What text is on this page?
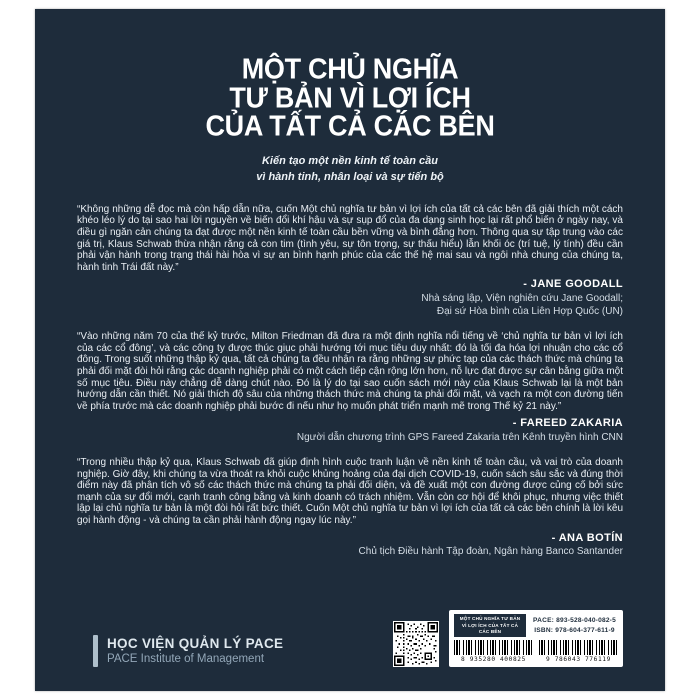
MỘT CHỦ NGHĨA
TƯ BẢN VÌ LỢI ÍCH
CỦA TẤT CẢ CÁC BÊN
Kiến tạo một nền kinh tế toàn cầu
vì hành tinh, nhân loại và sự tiến bộ

“Không những dễ đọc mà còn hấp dẫn nữa, cuốn Một chủ nghĩa tư bản vì lợi ích của tất cả các bên đã giải thích một cách khéo léo lý do tại sao hai lời nguyền về biến đổi khí hậu và sự sụp đổ của đa dạng sinh học lại rất phổ biến ở ngày nay, và điều gì ngăn cản chúng ta đạt được một nền kinh tế toàn cầu bền vững và bình đẳng hơn. Thông qua sự tập trung vào các giá trị, Klaus Schwab thừa nhận rằng cả con tim (tình yêu, sự tôn trọng, sự thấu hiểu) lẫn khối óc (trí tuệ, lý tính) đều cần phải vận hành trong trạng thái hài hòa vì sự an bình hạnh phúc của các thế hệ mai sau và ngôi nhà chung của chúng ta, hành tinh Trái đất này.”

- JANE GOODALL
Nhà sáng lập, Viện nghiên cứu Jane Goodall;
Đại sứ Hòa bình của Liên Hợp Quốc (UN)

“Vào những năm 70 của thế kỷ trước, Milton Friedman đã đưa ra một định nghĩa nổi tiếng về ‘chủ nghĩa tư bản vì lợi ích của các cổ đông’, và các công ty được thúc giục phải hướng tới mục tiêu duy nhất: đó là tối đa hóa lợi nhuận cho các cổ đông. Trong suốt những thập kỷ qua, tất cả chúng ta đều nhận ra rằng những sự phức tạp của các thách thức mà chúng ta phải đối mặt đòi hỏi rằng các doanh nghiệp phải có một cách tiếp cận rộng lớn hơn, nỗ lực đạt được sự cân bằng giữa một số mục tiêu. Điều này chẳng dễ dàng chút nào. Đó là lý do tại sao cuốn sách mới này của Klaus Schwab lại là một bản hướng dẫn cần thiết. Nó giải thích độ sâu của những thách thức mà chúng ta phải đối mặt, và vạch ra một con đường tiến về phía trước mà các doanh nghiệp phải bước đi nếu như họ muốn phát triển mạnh mẽ trong Thế kỷ 21 này.”

- FAREED ZAKARIA
Người dẫn chương trình GPS Fareed Zakaria trên Kênh truyền hình CNN

“Trong nhiều thập kỷ qua, Klaus Schwab đã giúp định hình cuộc tranh luận về nền kinh tế toàn cầu, và vai trò của doanh nghiệp. Giờ đây, khi chúng ta vừa thoát ra khỏi cuộc khủng hoảng của đại dịch COVID-19, cuốn sách sâu sắc và đúng thời điểm này đã phân tích vô số các thách thức mà chúng ta phải đối diện, và đề xuất một con đường được củng cố bởi sức mạnh của sự đổi mới, cạnh tranh công bằng và kinh doanh có trách nhiệm. Vẫn còn cơ hội để khôi phục, nhưng việc thiết lập lại chủ nghĩa tư bản là một đòi hỏi rất bức thiết. Cuốn Một chủ nghĩa tư bản vì lợi ích của tất cả các bên chính là lời kêu gọi hành động - và chúng ta cần phải hành động ngay lúc này.”

- ANA BOTÍN
Chủ tịch Điều hành Tập đoàn, Ngân hàng Banco Santander
HỌC VIỆN QUẢN LÝ PACE
PACE Institute of Management
MỘT CHỦ NGHĨA TƯ BẢN
VÌ LỢI ÍCH CỦA TẤT CẢ CÁC BÊN
PACE: 893-528-040-082-5
ISBN: 978-604-377-611-9
8 935280 400825	9 786043 776119
